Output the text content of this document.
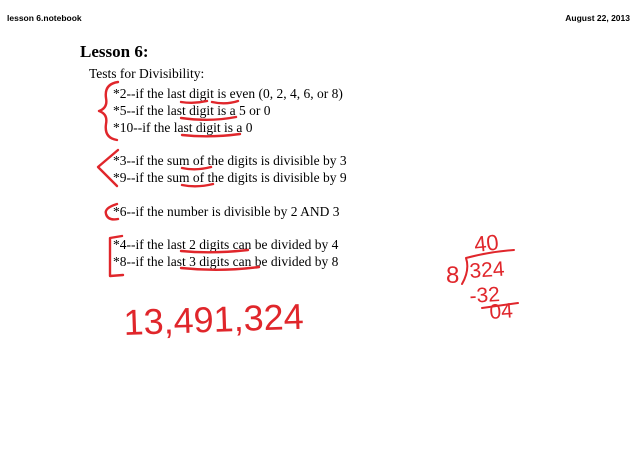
lesson 6.notebook	August 22, 2013
Lesson 6:
Tests for Divisibility:
*2--if the last digit is even (0, 2, 4, 6, or 8)
*5--if the last digit is a 5 or 0
*10--if the last digit is a 0
*3--if the sum of the digits is divisible by 3
*9--if the sum of the digits is divisible by 9
*6--if the number is divisible by 2 AND 3
*4--if the last 2 digits can be divided by 4
*8--if the last 3 digits can be divided by 8
13,491,324
40
8 324
-32
04
